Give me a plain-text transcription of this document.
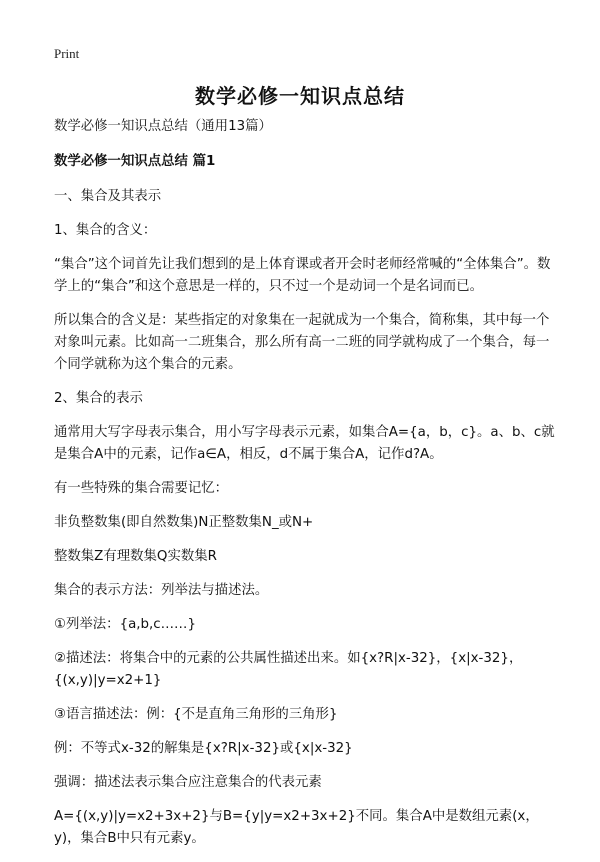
Print
数学必修一知识点总结
数学必修一知识点总结（通用13篇）
数学必修一知识点总结 篇1
一、集合及其表示
1、集合的含义：
“集合”这个词首先让我们想到的是上体育课或者开会时老师经常喊的“全体集合”。数学上的“集合”和这个意思是一样的，只不过一个是动词一个是名词而已。
所以集合的含义是：某些指定的对象集在一起就成为一个集合，简称集，其中每一个对象叫元素。比如高一二班集合，那么所有高一二班的同学就构成了一个集合，每一个同学就称为这个集合的元素。
2、集合的表示
通常用大写字母表示集合，用小写字母表示元素，如集合A={a，b，c}。a、b、c就是集合A中的元素，记作a∈A，相反，d不属于集合A，记作d?A。
有一些特殊的集合需要记忆：
非负整数集(即自然数集)N正整数集N_或N+
整数集Z有理数集Q实数集R
集合的表示方法：列举法与描述法。
①列举法：{a,b,c……}
②描述法：将集合中的元素的公共属性描述出来。如{x?R|x-32}，{x|x-32}，{(x,y)|y=x2+1}
③语言描述法：例：{不是直角三角形的三角形}
例：不等式x-32的解集是{x?R|x-32}或{x|x-32}
强调：描述法表示集合应注意集合的代表元素
A={(x,y)|y=x2+3x+2}与B={y|y=x2+3x+2}不同。集合A中是数组元素(x，y)，集合B中只有元素y。
